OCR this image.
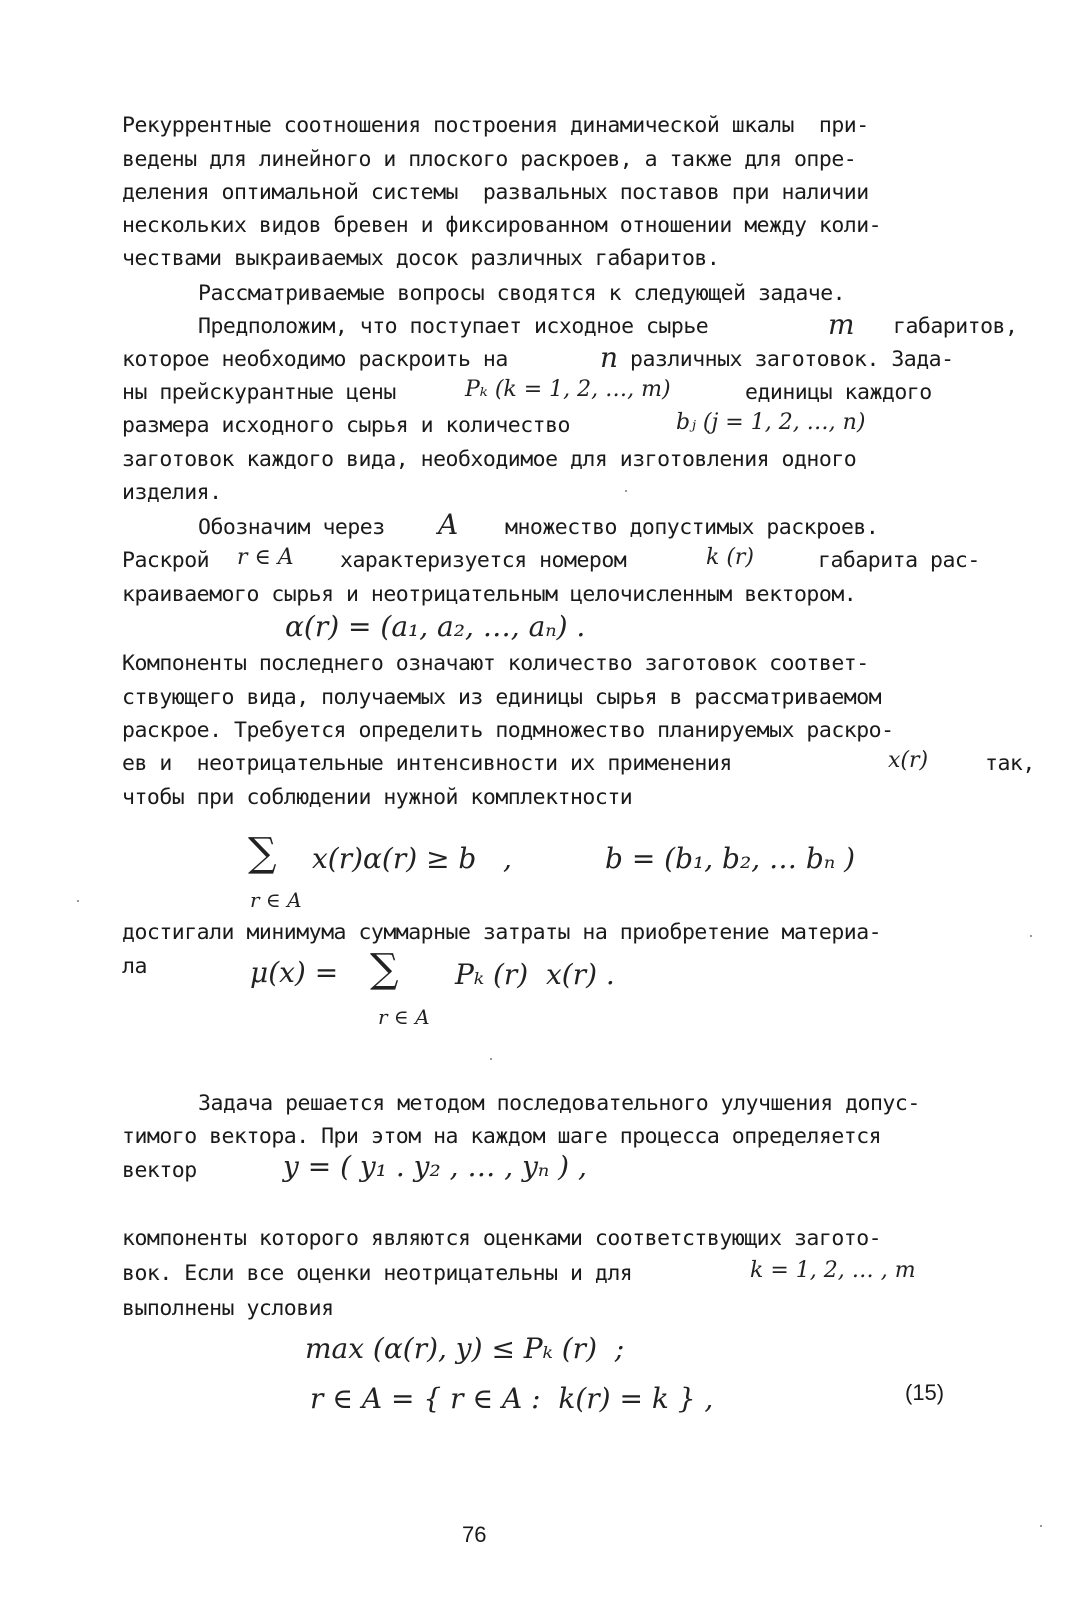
Рекуррентные соотношения построения динамической шкалы  при-
ведены для линейного и плоского раскроев, а также для опре-
деления оптимальной системы  развальных поставов при наличии
нескольких видов бревен и фиксированном отношении между коли-
чествами выкраиваемых досок различных габаритов.
Рассматриваемые вопросы сводятся к следующей задаче.
Предположим, что поступает исходное сырье	m габаритов,
которое необходимо раскроить на	n различных заготовок. Зада-
ны прейскурантные цены	Pₖ (k = 1, 2, …, m)	единицы каждого
размера исходного сырья и количество	bⱼ (j = 1, 2, …, n)
заготовок каждого вида, необходимое для изготовления одного
изделия.
Обозначим через A множество допустимых раскроев.
Раскрой r ∈ A характеризуется номером	k (r)	габарита рас-
краиваемого сырья и неотрицательным целочисленным вектором.
α(r) = (a₁, a₂, …, aₙ) .
Компоненты последнего означают количество заготовок соответ-
ствующего вида, получаемых из единицы сырья в рассматриваемом
раскрое. Требуется определить подмножество планируемых раскро-
ев и  неотрицательные интенсивности их применения	x(r)	так,
чтобы при соблюдении нужной комплектности
∑ x(r)α(r) ≥ b   ,	b = (b₁, b₂, … bₙ )
r ∈ A
достигали минимума суммарные затраты на приобретение материа-
ла	μ(x) = ∑ Pₖ (r)  x(r) .
r ∈ A
Задача решается методом последовательного улучшения допус-
тимого вектора. При этом на каждом шаге процесса определяется
вектор	y = ( y₁ . y₂ , … , yₙ ) ,
компоненты которого являются оценками соответствующих загото-
вок. Если все оценки неотрицательны и для	k = 1, 2, … , m
выполнены условия
max (α(r), y) ≤ Pₖ (r)  ;
r ∈ A = { r ∈ A :  k(r) = k } ,	(15)
76
